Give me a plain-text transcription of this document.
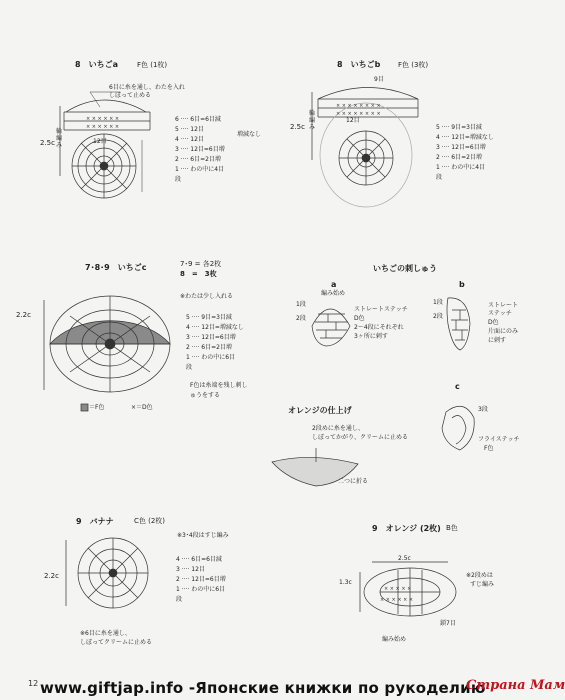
× × × × × ×
× × × × × ×
× × × × × × × ×
× × × × × × × ×
× × × × ×
× × × × × ×
8　いちごa	F色 (1枚)
6目に糸を通し、わたを入れしぼって止める
2.5c
輪編み
12目
6 ···· 6目=6目減
5 ···· 12目
4 ···· 12目
3 ···· 12目=6目増
2 ···· 6目=2目増
1 ···· わの中に4目
段
増減なし
8　いちごb	F色 (3枚)
9目
2.5c
輪編み
12目
5 ···· 9目=3目減
4 ···· 12目=増減なし
3 ···· 12目=6目増
2 ···· 6目=2目増
1 ···· わの中に4目
段
7･8･9　いちごc	7･9 = 各2枚
8　=　3枚
※わたは少し入れる
2.2c	5 ···· 9目=3目減
4 ···· 12目=増減なし
3 ···· 12目=6目増
2 ···· 6目=2目増
1 ···· わの中に6目
段
F色は糸端を残し刺しゅうをする
＝F色	×＝D色
いちごの刺しゅう
a
編み始め
1段
2段
ストレートステッチ
D色
2〜4段にそれぞれ
3ヶ所に刺す
b
1段
2段
ストレート
ステッチ
D色
片面にのみ
に刺す
c
3段
フライステッチ
F色
オレンジの仕上げ
2段めに糸を通し、
しぼってかがり、クリームに止める
二つに折る
9　バナナ	C色 (2枚)
※3･4段はすじ編み
2.2c
4 ···· 6目=6目減
3 ···· 12目
2 ···· 12目=6目増
1 ···· わの中に6目
段
※6目に糸を通し、
しぼってクリームに止める
9　オレンジ (2枚) B色
2.5c
1.3c
※2段めは
すじ編み
編み始め
鎖7目
12 www.giftjap.info -Японские книжки по рукоделию
Страна Мам
